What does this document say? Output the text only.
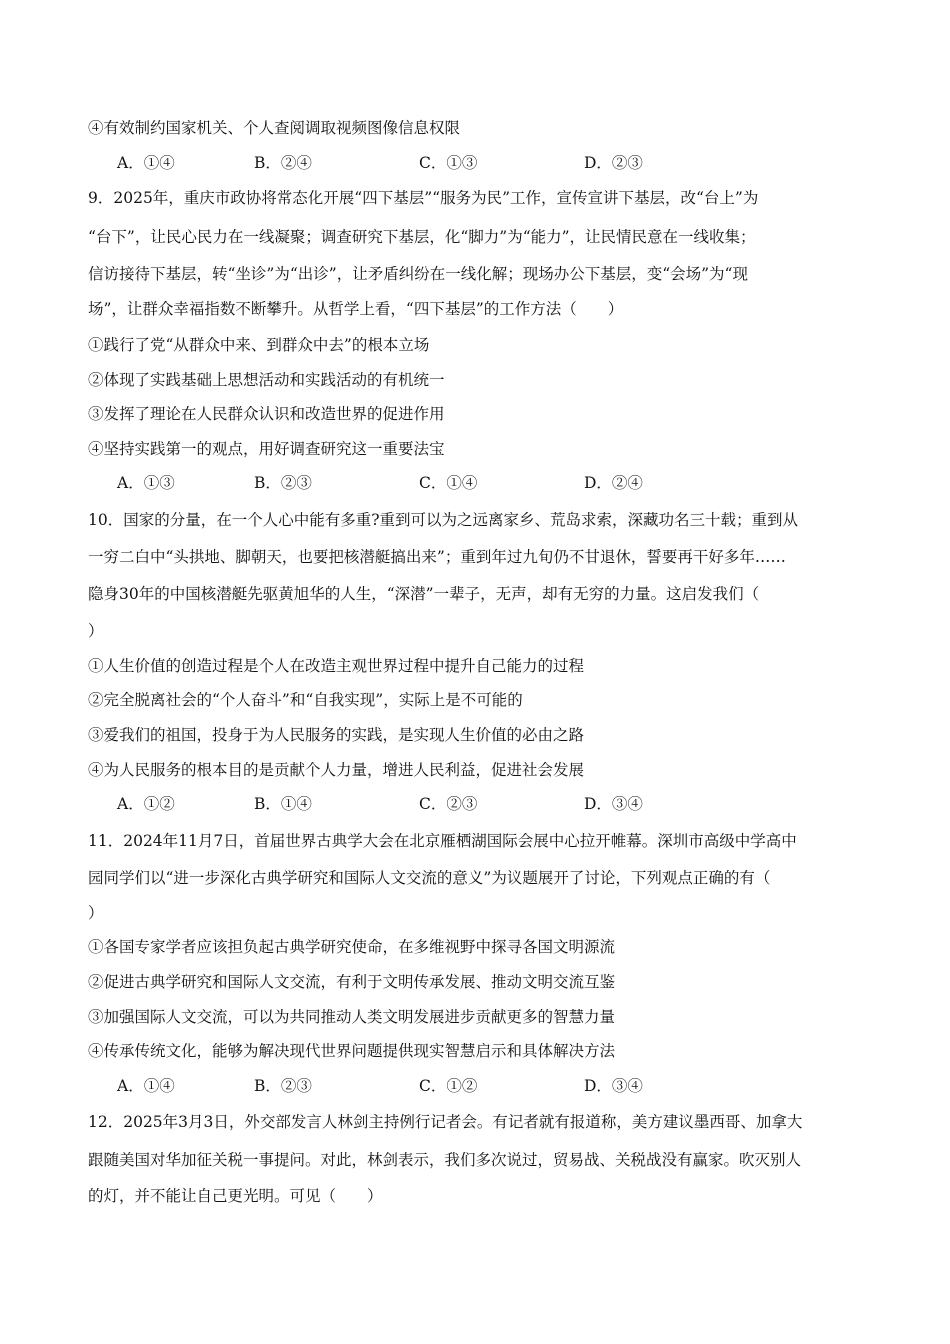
④有效制约国家机关、个人查阅调取视频图像信息权限
A．①④	B．②④	C．①③	D．②③
9．2025年，重庆市政协将常态化开展“四下基层”“服务为民”工作，宣传宣讲下基层，改“台上”为
“台下”，让民心民力在一线凝聚；调查研究下基层，化“脚力”为“能力”，让民情民意在一线收集；
信访接待下基层，转“坐诊”为“出诊”，让矛盾纠纷在一线化解；现场办公下基层，变“会场”为“现
场”，让群众幸福指数不断攀升。从哲学上看，“四下基层”的工作方法（　　）
①践行了党“从群众中来、到群众中去”的根本立场
②体现了实践基础上思想活动和实践活动的有机统一
③发挥了理论在人民群众认识和改造世界的促进作用
④坚持实践第一的观点，用好调查研究这一重要法宝
A．①③	B．②③	C．①④	D．②④
10．国家的分量，在一个人心中能有多重?重到可以为之远离家乡、荒岛求索，深藏功名三十载；重到从
一穷二白中“头拱地、脚朝天，也要把核潜艇搞出来”；重到年过九旬仍不甘退休，誓要再干好多年……
隐身30年的中国核潜艇先驱黄旭华的人生，“深潜”一辈子，无声，却有无穷的力量。这启发我们（
）
①人生价值的创造过程是个人在改造主观世界过程中提升自己能力的过程
②完全脱离社会的“个人奋斗”和“自我实现”，实际上是不可能的
③爱我们的祖国，投身于为人民服务的实践，是实现人生价值的必由之路
④为人民服务的根本目的是贡献个人力量，增进人民利益，促进社会发展
A．①②	B．①④	C．②③	D．③④
11．2024年11月7日，首届世界古典学大会在北京雁栖湖国际会展中心拉开帷幕。深圳市高级中学高中
园同学们以“进一步深化古典学研究和国际人文交流的意义”为议题展开了讨论，下列观点正确的有（
）
①各国专家学者应该担负起古典学研究使命，在多维视野中探寻各国文明源流
②促进古典学研究和国际人文交流，有利于文明传承发展、推动文明交流互鉴
③加强国际人文交流，可以为共同推动人类文明发展进步贡献更多的智慧力量
④传承传统文化，能够为解决现代世界问题提供现实智慧启示和具体解决方法
A．①④	B．②③	C．①②	D．③④
12．2025年3月3日，外交部发言人林剑主持例行记者会。有记者就有报道称，美方建议墨西哥、加拿大
跟随美国对华加征关税一事提问。对此，林剑表示，我们多次说过，贸易战、关税战没有赢家。吹灭别人
的灯，并不能让自己更光明。可见（　　）
